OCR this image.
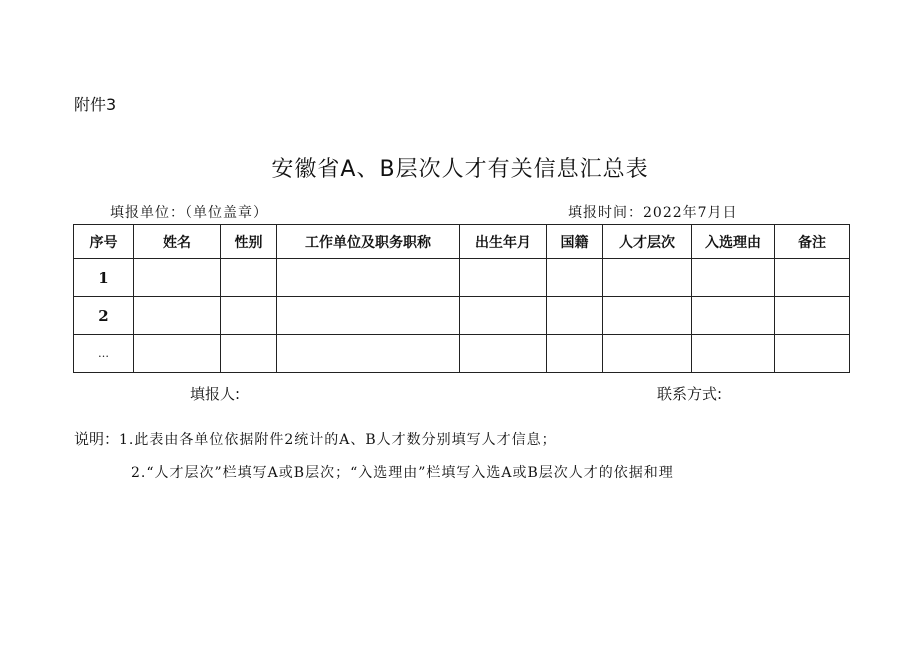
附件3
安徽省A、B层次人才有关信息汇总表
填报单位：（单位盖章）	填报时间：2022年7月日
序号	姓名	性别	工作单位及职务职称	出生年月	国籍	人才层次	入选理由	备注
1								
2								
…								
填报人:	联系方式:
说明：1.此表由各单位依据附件2统计的A、B人才数分别填写人才信息；
2.“人才层次”栏填写A或B层次；“入选理由”栏填写入选A或B层次人才的依据和理
